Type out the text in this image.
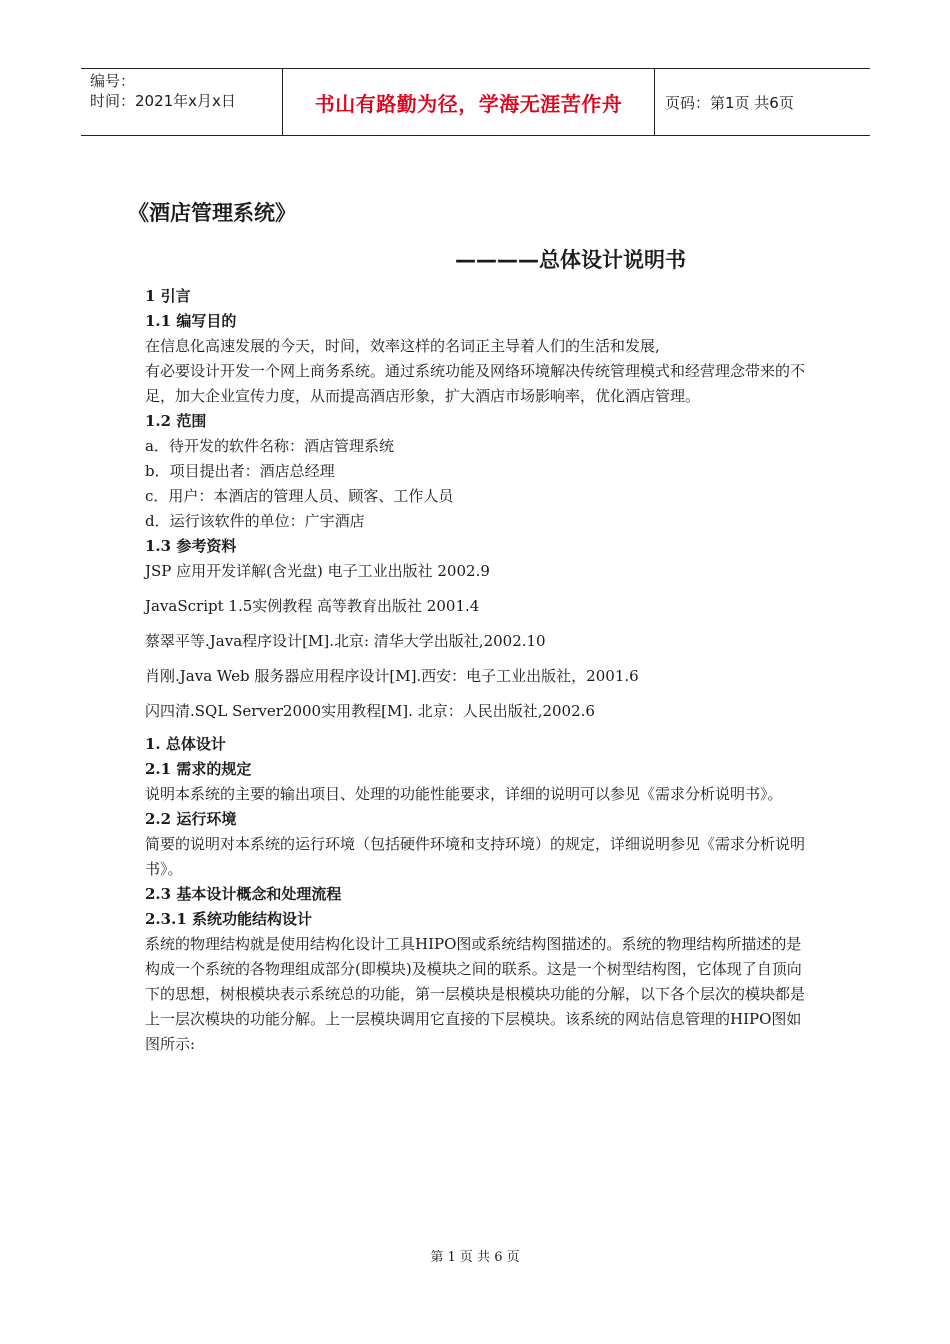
编号：
时间：2021年x月x日	书山有路勤为径，学海无涯苦作舟	页码：第1页 共6页
《酒店管理系统》
————总体设计说明书

1 引言

1.1 编写目的

在信息化高速发展的今天，时间，效率这样的名词正主导着人们的生活和发展,

有必要设计开发一个网上商务系统。通过系统功能及网络环境解决传统管理模式和经营理念带来的不足，加大企业宣传力度，从而提高酒店形象，扩大酒店市场影响率，优化酒店管理。

1.2 范围

a．待开发的软件名称：酒店管理系统

b．项目提出者：酒店总经理

c．用户：本酒店的管理人员、顾客、工作人员

d．运行该软件的单位：广宇酒店

1.3 参考资料

JSP 应用开发详解(含光盘) 电子工业出版社 2002.9

JavaScript 1.5实例教程 高等教育出版社 2001.4

蔡翠平等.Java程序设计[M].北京: 清华大学出版社,2002.10

肖刚.Java Web 服务器应用程序设计[M].西安：电子工业出版社，2001.6

闪四清.SQL Server2000实用教程[M]. 北京：人民出版社,2002.6

1. 总体设计

2.1 需求的规定

说明本系统的主要的输出项目、处理的功能性能要求，详细的说明可以参见《需求分析说明书》。

2.2 运行环境

简要的说明对本系统的运行环境（包括硬件环境和支持环境）的规定，详细说明参见《需求分析说明书》。

2.3 基本设计概念和处理流程

2.3.1 系统功能结构设计

系统的物理结构就是使用结构化设计工具HIPO图或系统结构图描述的。系统的物理结构所描述的是构成一个系统的各物理组成部分(即模块)及模块之间的联系。这是一个树型结构图，它体现了自顶向下的思想，树根模块表示系统总的功能，第一层模块是根模块功能的分解，以下各个层次的模块都是上一层次模块的功能分解。上一层模块调用它直接的下层模块。该系统的网站信息管理的HIPO图如图所示:

第 1 页 共 6 页
